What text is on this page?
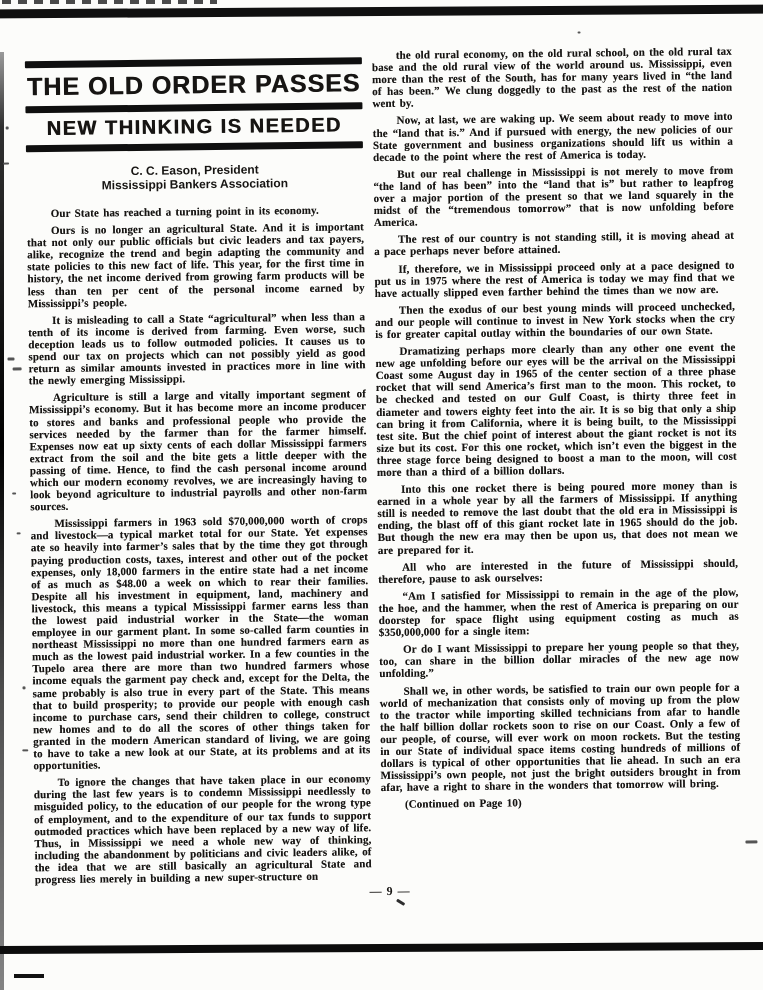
THE OLD ORDER PASSES
NEW THINKING IS NEEDED
C. C. Eason, President
Mississippi Bankers Association

Our State has reached a turning point in its economy.

Ours is no longer an agricultural State. And it is important that not only our public officials but civic leaders and tax payers, alike, recognize the trend and begin adapting the community and state policies to this new fact of life. This year, for the first time in history, the net income derived from growing farm products will be less than ten per cent of the personal income earned by Mississippi’s people.

It is misleading to call a State “agricultural” when less than a tenth of its income is derived from farming. Even worse, such deception leads us to follow outmoded policies. It causes us to spend our tax on projects which can not possibly yield as good return as similar amounts invested in practices more in line with the newly emerging Mississippi.

Agriculture is still a large and vitally important segment of Mississippi’s economy. But it has become more an income producer to stores and banks and professional people who provide the services needed by the farmer than for the farmer himself. Expenses now eat up sixty cents of each dollar Mississippi farmers extract from the soil and the bite gets a little deeper with the passing of time. Hence, to find the cash personal income around which our modern economy revolves, we are increasingly having to look beyond agriculture to industrial payrolls and other non-farm sources.

Mississippi farmers in 1963 sold $70,000,000 worth of crops and livestock—a typical market total for our State. Yet expenses ate so heavily into farmer’s sales that by the time they got through paying production costs, taxes, interest and other out of the pocket expenses, only 18,000 farmers in the entire state had a net income of as much as $48.00 a week on which to rear their families. Despite all his investment in equipment, land, machinery and livestock, this means a typical Mississippi farmer earns less than the lowest paid industrial worker in the State—the woman employee in our garment plant. In some so-called farm counties in northeast Mississippi no more than one hundred farmers earn as much as the lowest paid industrial worker. In a few counties in the Tupelo area there are more than two hundred farmers whose income equals the garment pay check and, except for the Delta, the same probably is also true in every part of the State. This means that to build prosperity; to provide our people with enough cash income to purchase cars, send their children to college, construct new homes and to do all the scores of other things taken for granted in the modern American standard of living, we are going to have to take a new look at our State, at its problems and at its opportunities.

To ignore the changes that have taken place in our economy during the last few years is to condemn Mississippi needlessly to misguided policy, to the education of our people for the wrong type of employment, and to the expenditure of our tax funds to support outmoded practices which have been replaced by a new way of life. Thus, in Mississippi we need a whole new way of thinking, including the abandonment by politicians and civic leaders alike, of the idea that we are still basically an agricultural State and progress lies merely in building a new super-structure on

the old rural economy, on the old rural school, on the old rural tax base and the old rural view of the world around us. Mississippi, even more than the rest of the South, has for many years lived in “the land of has been.” We clung doggedly to the past as the rest of the nation went by.

Now, at last, we are waking up. We seem about ready to move into the “land that is.” And if pursued with energy, the new policies of our State government and business organizations should lift us within a decade to the point where the rest of America is today.

But our real challenge in Mississippi is not merely to move from “the land of has been” into the “land that is” but rather to leapfrog over a major portion of the present so that we land squarely in the midst of the “tremendous tomorrow” that is now unfolding before America.

The rest of our country is not standing still, it is moving ahead at a pace perhaps never before attained.

If, therefore, we in Mississippi proceed only at a pace designed to put us in 1975 where the rest of America is today we may find that we have actually slipped even farther behind the times than we now are.

Then the exodus of our best young minds will proceed unchecked, and our people will continue to invest in New York stocks when the cry is for greater capital outlay within the boundaries of our own State.

Dramatizing perhaps more clearly than any other one event the new age unfolding before our eyes will be the arrival on the Mississippi Coast some August day in 1965 of the center section of a three phase rocket that will send America’s first man to the moon. This rocket, to be checked and tested on our Gulf Coast, is thirty three feet in diameter and towers eighty feet into the air. It is so big that only a ship can bring it from California, where it is being built, to the Mississippi test site. But the chief point of interest about the giant rocket is not its size but its cost. For this one rocket, which isn’t even the biggest in the three stage force being designed to boost a man to the moon, will cost more than a third of a billion dollars.

Into this one rocket there is being poured more money than is earned in a whole year by all the farmers of Mississippi. If anything still is needed to remove the last doubt that the old era in Mississippi is ending, the blast off of this giant rocket late in 1965 should do the job. But though the new era may then be upon us, that does not mean we are prepared for it.

All who are interested in the future of Mississippi should, therefore, pause to ask ourselves:

“Am I satisfied for Mississippi to remain in the age of the plow, the hoe, and the hammer, when the rest of America is preparing on our doorstep for space flight using equipment costing as much as $350,000,000 for a single item:

Or do I want Mississippi to prepare her young people so that they, too, can share in the billion dollar miracles of the new age now unfolding.”

Shall we, in other words, be satisfied to train our own people for a world of mechanization that consists only of moving up from the plow to the tractor while importing skilled technicians from afar to handle the half billion dollar rockets soon to rise on our Coast. Only a few of our people, of course, will ever work on moon rockets. But the testing in our State of individual space items costing hundreds of millions of dollars is typical of other opportunities that lie ahead. In such an era Mississippi’s own people, not just the bright outsiders brought in from afar, have a right to share in the wonders that tomorrow will bring.

(Continued on Page 10)

— 9 —
